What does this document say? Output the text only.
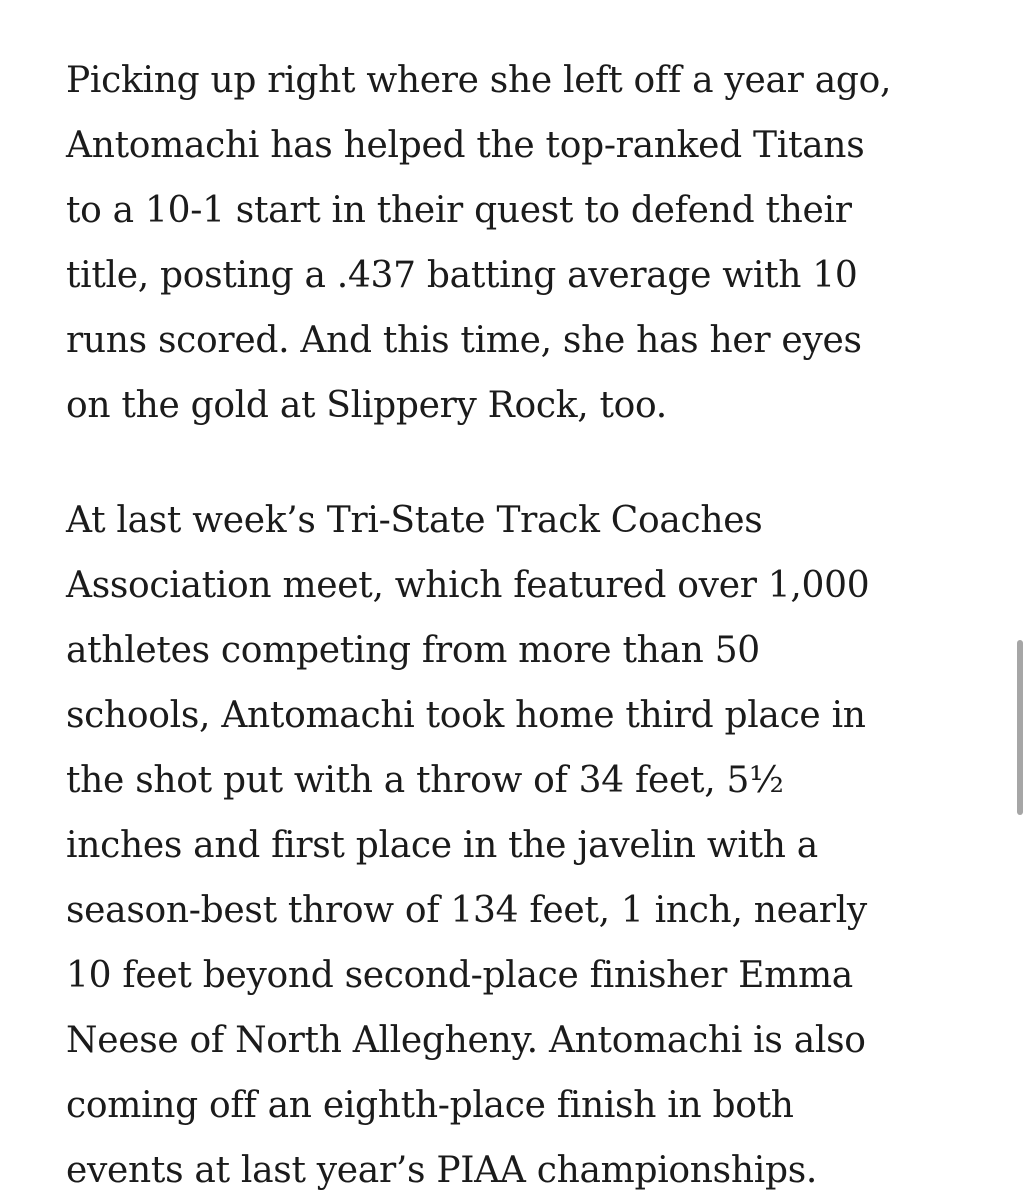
Picking up right where she left off a year ago,
Antomachi has helped the top-ranked Titans
to a 10-1 start in their quest to defend their
title, posting a .437 batting average with 10
runs scored. And this time, she has her eyes
on the gold at Slippery Rock, too.

At last week’s Tri-State Track Coaches
Association meet, which featured over 1,000
athletes competing from more than 50
schools, Antomachi took home third place in
the shot put with a throw of 34 feet, 5½
inches and first place in the javelin with a
season-best throw of 134 feet, 1 inch, nearly
10 feet beyond second-place finisher Emma
Neese of North Allegheny. Antomachi is also
coming off an eighth-place finish in both
events at last year’s PIAA championships.
